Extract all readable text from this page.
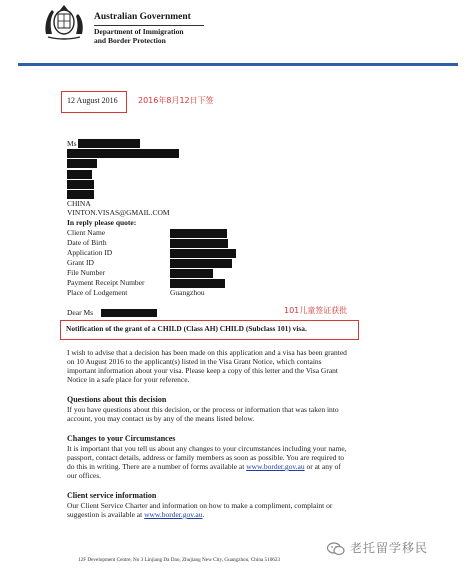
Australian Government
Department of Immigration
and Border Protection
12 August 2016	2016年8月12日下签
Ms
CHINA
VINTON.VISAS@GMAIL.COM
In reply please quote:
Client Name
Date of Birth
Application ID
Grant ID
File Number
Payment Receipt Number
Place of Lodgement	Guangzhou
Dear Ms	101儿童签证获批
Notification of the grant of a CHILD (Class AH) CHILD (Subclass 101) visa.
I wish to advise that a decision has been made on this application and a visa has been granted
on 10 August 2016 to the applicant(s) listed in the Visa Grant Notice, which contains
important information about your visa. Please keep a copy of this letter and the Visa Grant
Notice in a safe place for your reference.
Questions about this decision
If you have questions about this decision, or the process or information that was taken into
account, you may contact us by any of the means listed below.
Changes to your Circumstances
It is important that you tell us about any changes to your circumstances including your name,
passport, contact details, address or family members as soon as possible. You are required to
do this in writing. There are a number of forms available at www.border.gov.au or at any of
our offices.
Client service information
Our Client Service Charter and information on how to make a compliment, complaint or
suggestion is available at www.border.gov.au.
12F Development Centre, No 3 Linjiang Da Dao, Zhujiang New City, Guangzhou, China 510623
老托留学移民
